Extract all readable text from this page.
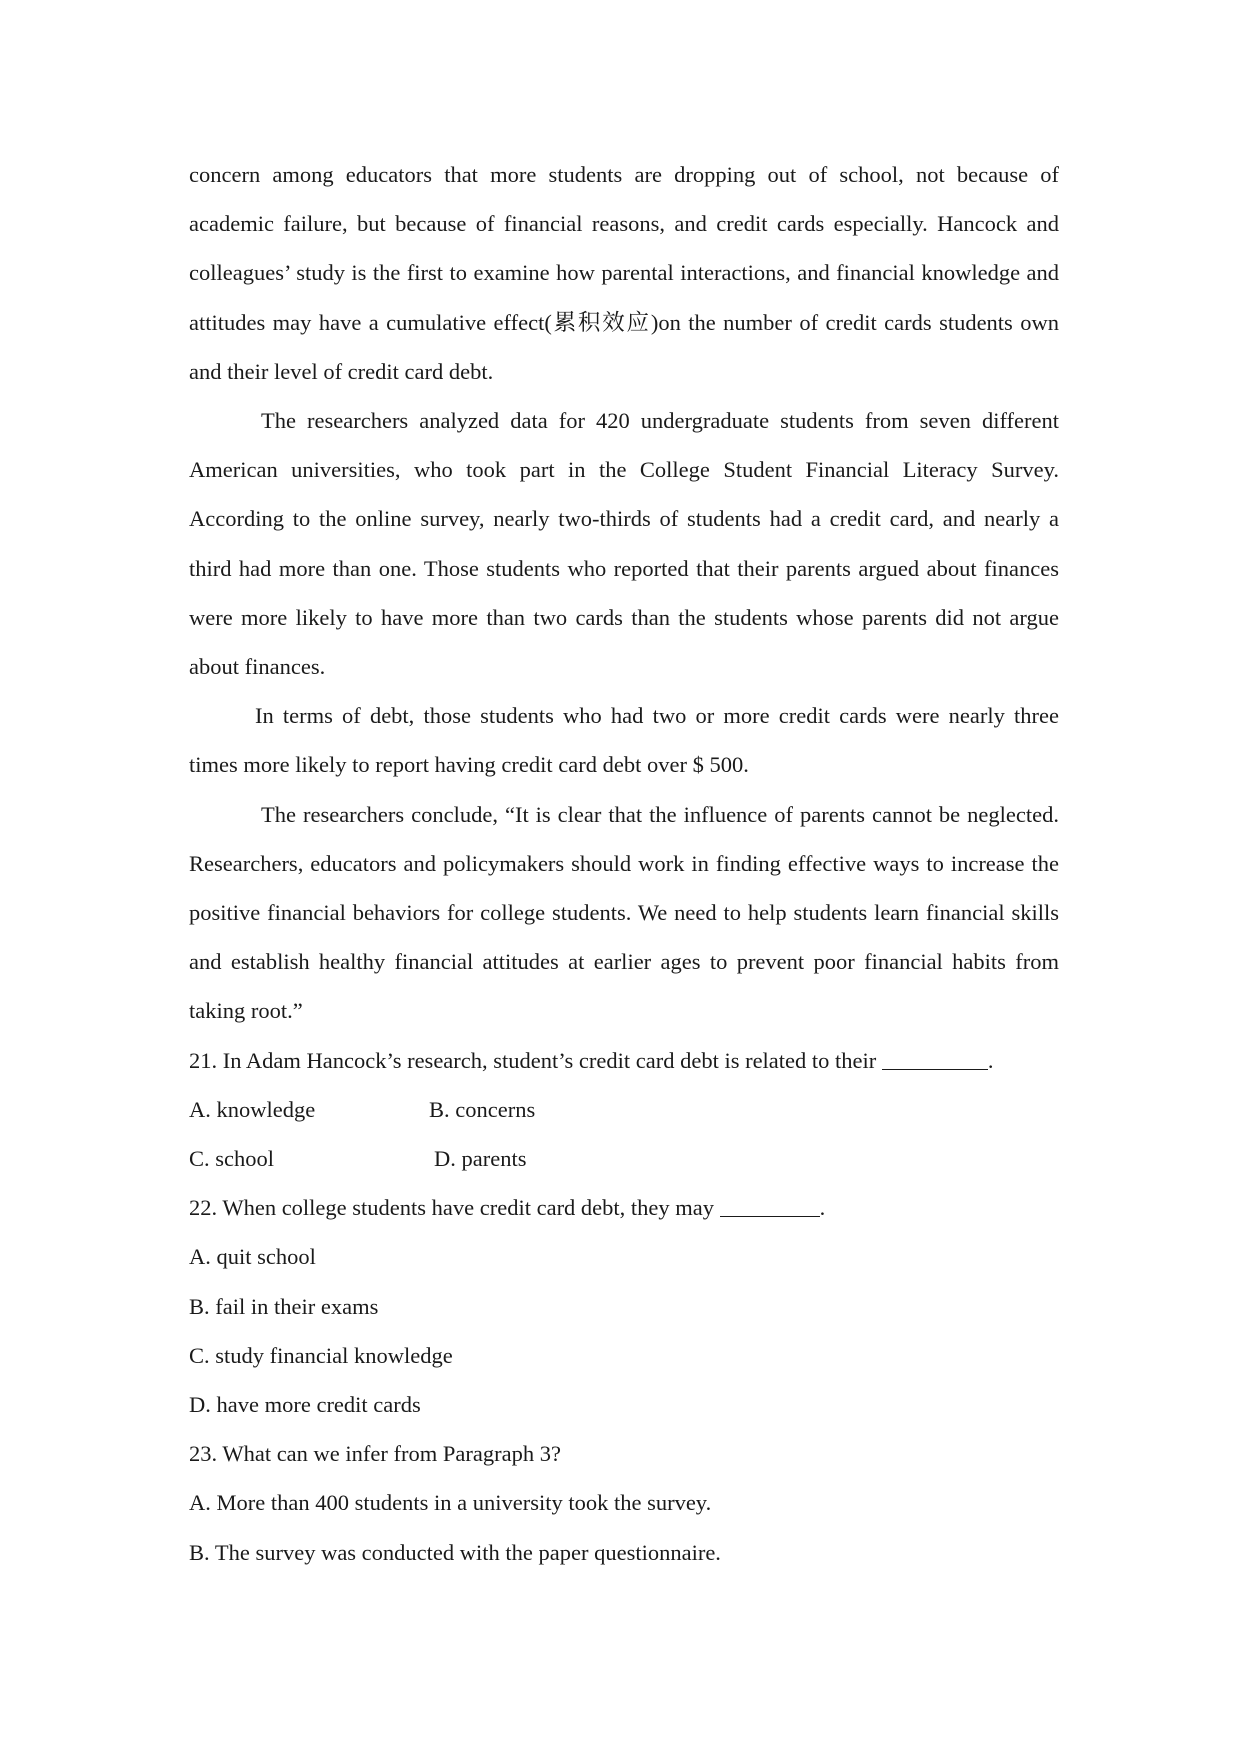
concern among educators that more students are dropping out of school, not because of academic failure, but because of financial reasons, and credit cards especially. Hancock and colleagues’ study is the first to examine how parental interactions, and financial knowledge and attitudes may have a cumulative effect(累积效应)on the number of credit cards students own and their level of credit card debt.

The researchers analyzed data for 420 undergraduate students from seven different American universities, who took part in the College Student Financial Literacy Survey. According to the online survey, nearly two-thirds of students had a credit card, and nearly a third had more than one. Those students who reported that their parents argued about finances were more likely to have more than two cards than the students whose parents did not argue about finances.

In terms of debt, those students who had two or more credit cards were nearly three times more likely to report having credit card debt over $ 500.

The researchers conclude, “It is clear that the influence of parents cannot be neglected. Researchers, educators and policymakers should work in finding effective ways to increase the positive financial behaviors for college students. We need to help students learn financial skills and establish healthy financial attitudes at earlier ages to prevent poor financial habits from taking root.”

21. In Adam Hancock’s research, student’s credit card debt is related to their	.

A. knowledge	B. concerns

C. school	D. parents

22. When college students have credit card debt, they may	.

A. quit school

B. fail in their exams

C. study financial knowledge

D. have more credit cards

23. What can we infer from Paragraph 3?

A. More than 400 students in a university took the survey.

B. The survey was conducted with the paper questionnaire.
